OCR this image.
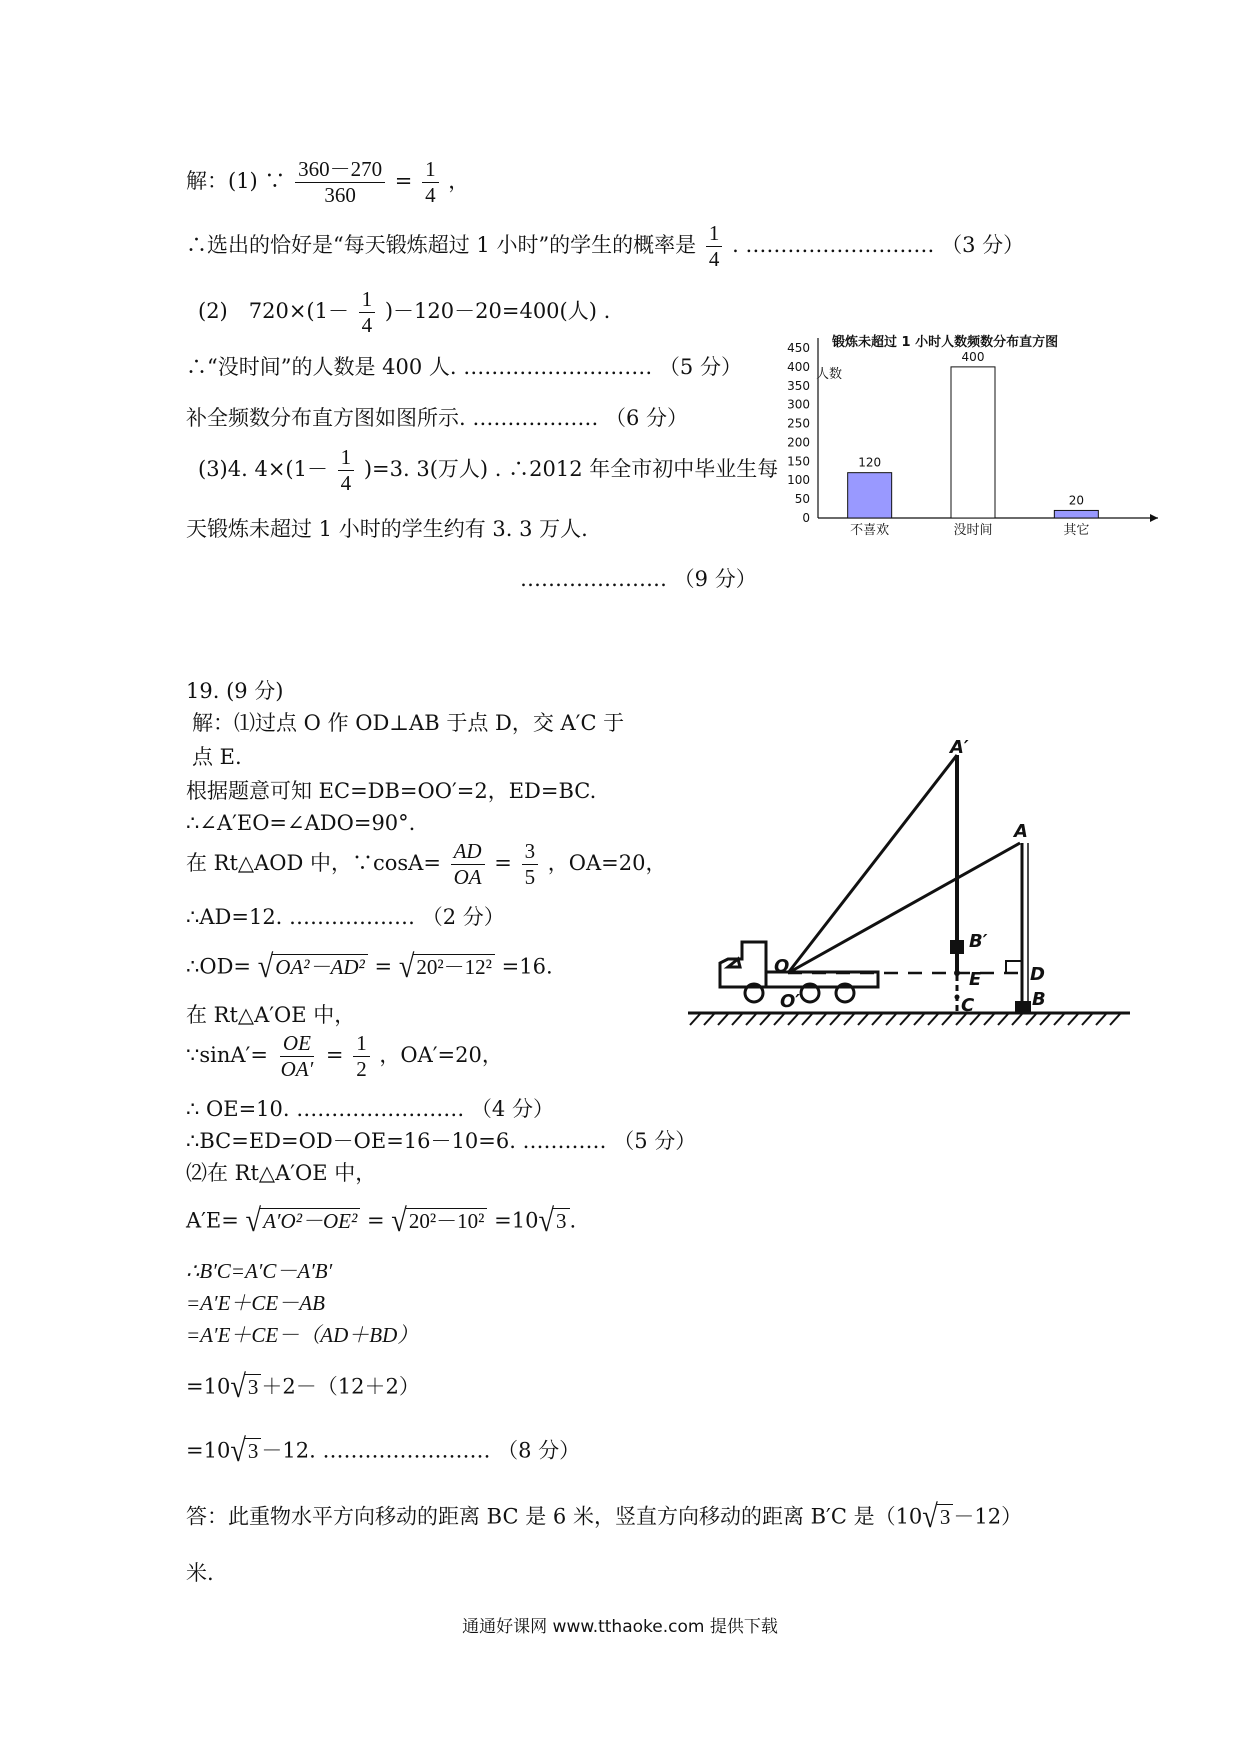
解：(1) ∵ $\frac{360-270}{360} = \frac{1}{4}$ ，
∴选出的恰好是“每天锻炼超过 1 小时”的学生的概率是 $\frac{1}{4}$ . ……………………… （3 分）
(2)　$720\times(1- \frac{1}{4} )-120-20=400$(人) .
∴“没时间”的人数是 400 人. ……………………… （5 分）
补全频数分布直方图如图所示. ……………… （6 分）
(3)4. $4\times(1- \frac{1}{4} )=3$. 3(万人) . ∴2012 年全市初中毕业生每
天锻炼未超过 1 小时的学生约有 3. 3 万人.
………………… （9 分）
锻炼未超过 1 小时人数频数分布直方图
人数
450
400
350
300
250
200
150
100
50
0
120
400
20
不喜欢	没时间	其它
19. (9 分)
解：⑴过点 O 作 OD⊥AB 于点 D，交 A′C 于
点 E.
根据题意可知 EC=DB=OO′=2，ED=BC.
∴∠A′EO=∠ADO=90°.
在 Rt△AOD 中，∵cosA= $\frac{AD}{OA} = \frac{3}{5}$ ，OA=20，
∴AD=12. ……………… （2 分）
∴OD= √ OA²－AD² = √ 20²－12² =16.
在 Rt△A′OE 中，
∵sinA′= $\frac{OE}{OA'} = \frac{1}{2}$ ，OA′=20，
∴ OE=10. …………………… （4 分）
∴BC=ED=OD－OE=16－10=6. ………… （5 分）
⑵在 Rt△A′OE 中，
A′E= √ A′O²－OE² = √ 20²－10² =10 √ 3 .
∴B′C=A′C－A′B′
=A′E＋CE－AB
=A′E＋CE－（AD＋BD）
=10 √ 3 ＋2－（12＋2）
=10 √ 3 －12. …………………… （8 分）
答：此重物水平方向移动的距离 BC 是 6 米，竖直方向移动的距离 B′C 是（10 √ 3 －12）
米.
A′
A
B′
D
E
O
O′	C	B
通通好课网 www.tthaoke.com 提供下载
